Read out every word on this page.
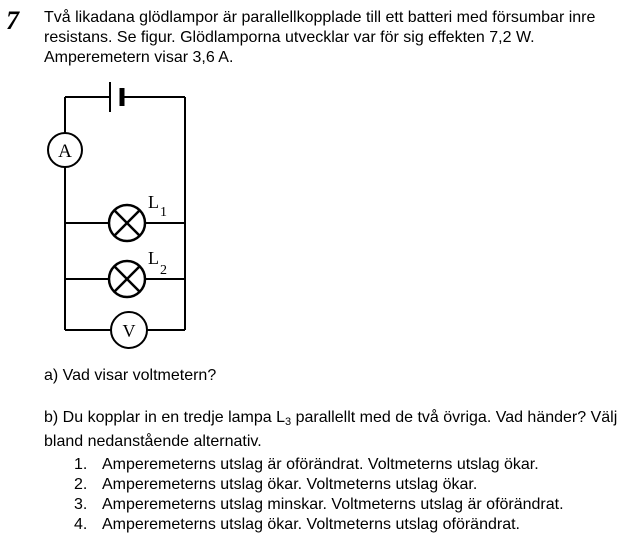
7 Två likadana glödlampor är parallellkopplade till ett batteri med försumbar inre
resistans. Se figur. Glödlamporna utvecklar var för sig effekten 7,2 W.
Amperemetern visar 3,6 A.
A
L
1
L
2
V
a) Vad visar voltmetern?
b) Du kopplar in en tredje lampa $L_3$ parallellt med de två övriga. Vad händer? Välj
bland nedanstående alternativ.
1. Amperemeterns utslag är oförändrat. Voltmeterns utslag ökar.
2. Amperemeterns utslag ökar. Voltmeterns utslag ökar.
3. Amperemeterns utslag minskar. Voltmeterns utslag är oförändrat.
4. Amperemeterns utslag ökar. Voltmeterns utslag oförändrat.
